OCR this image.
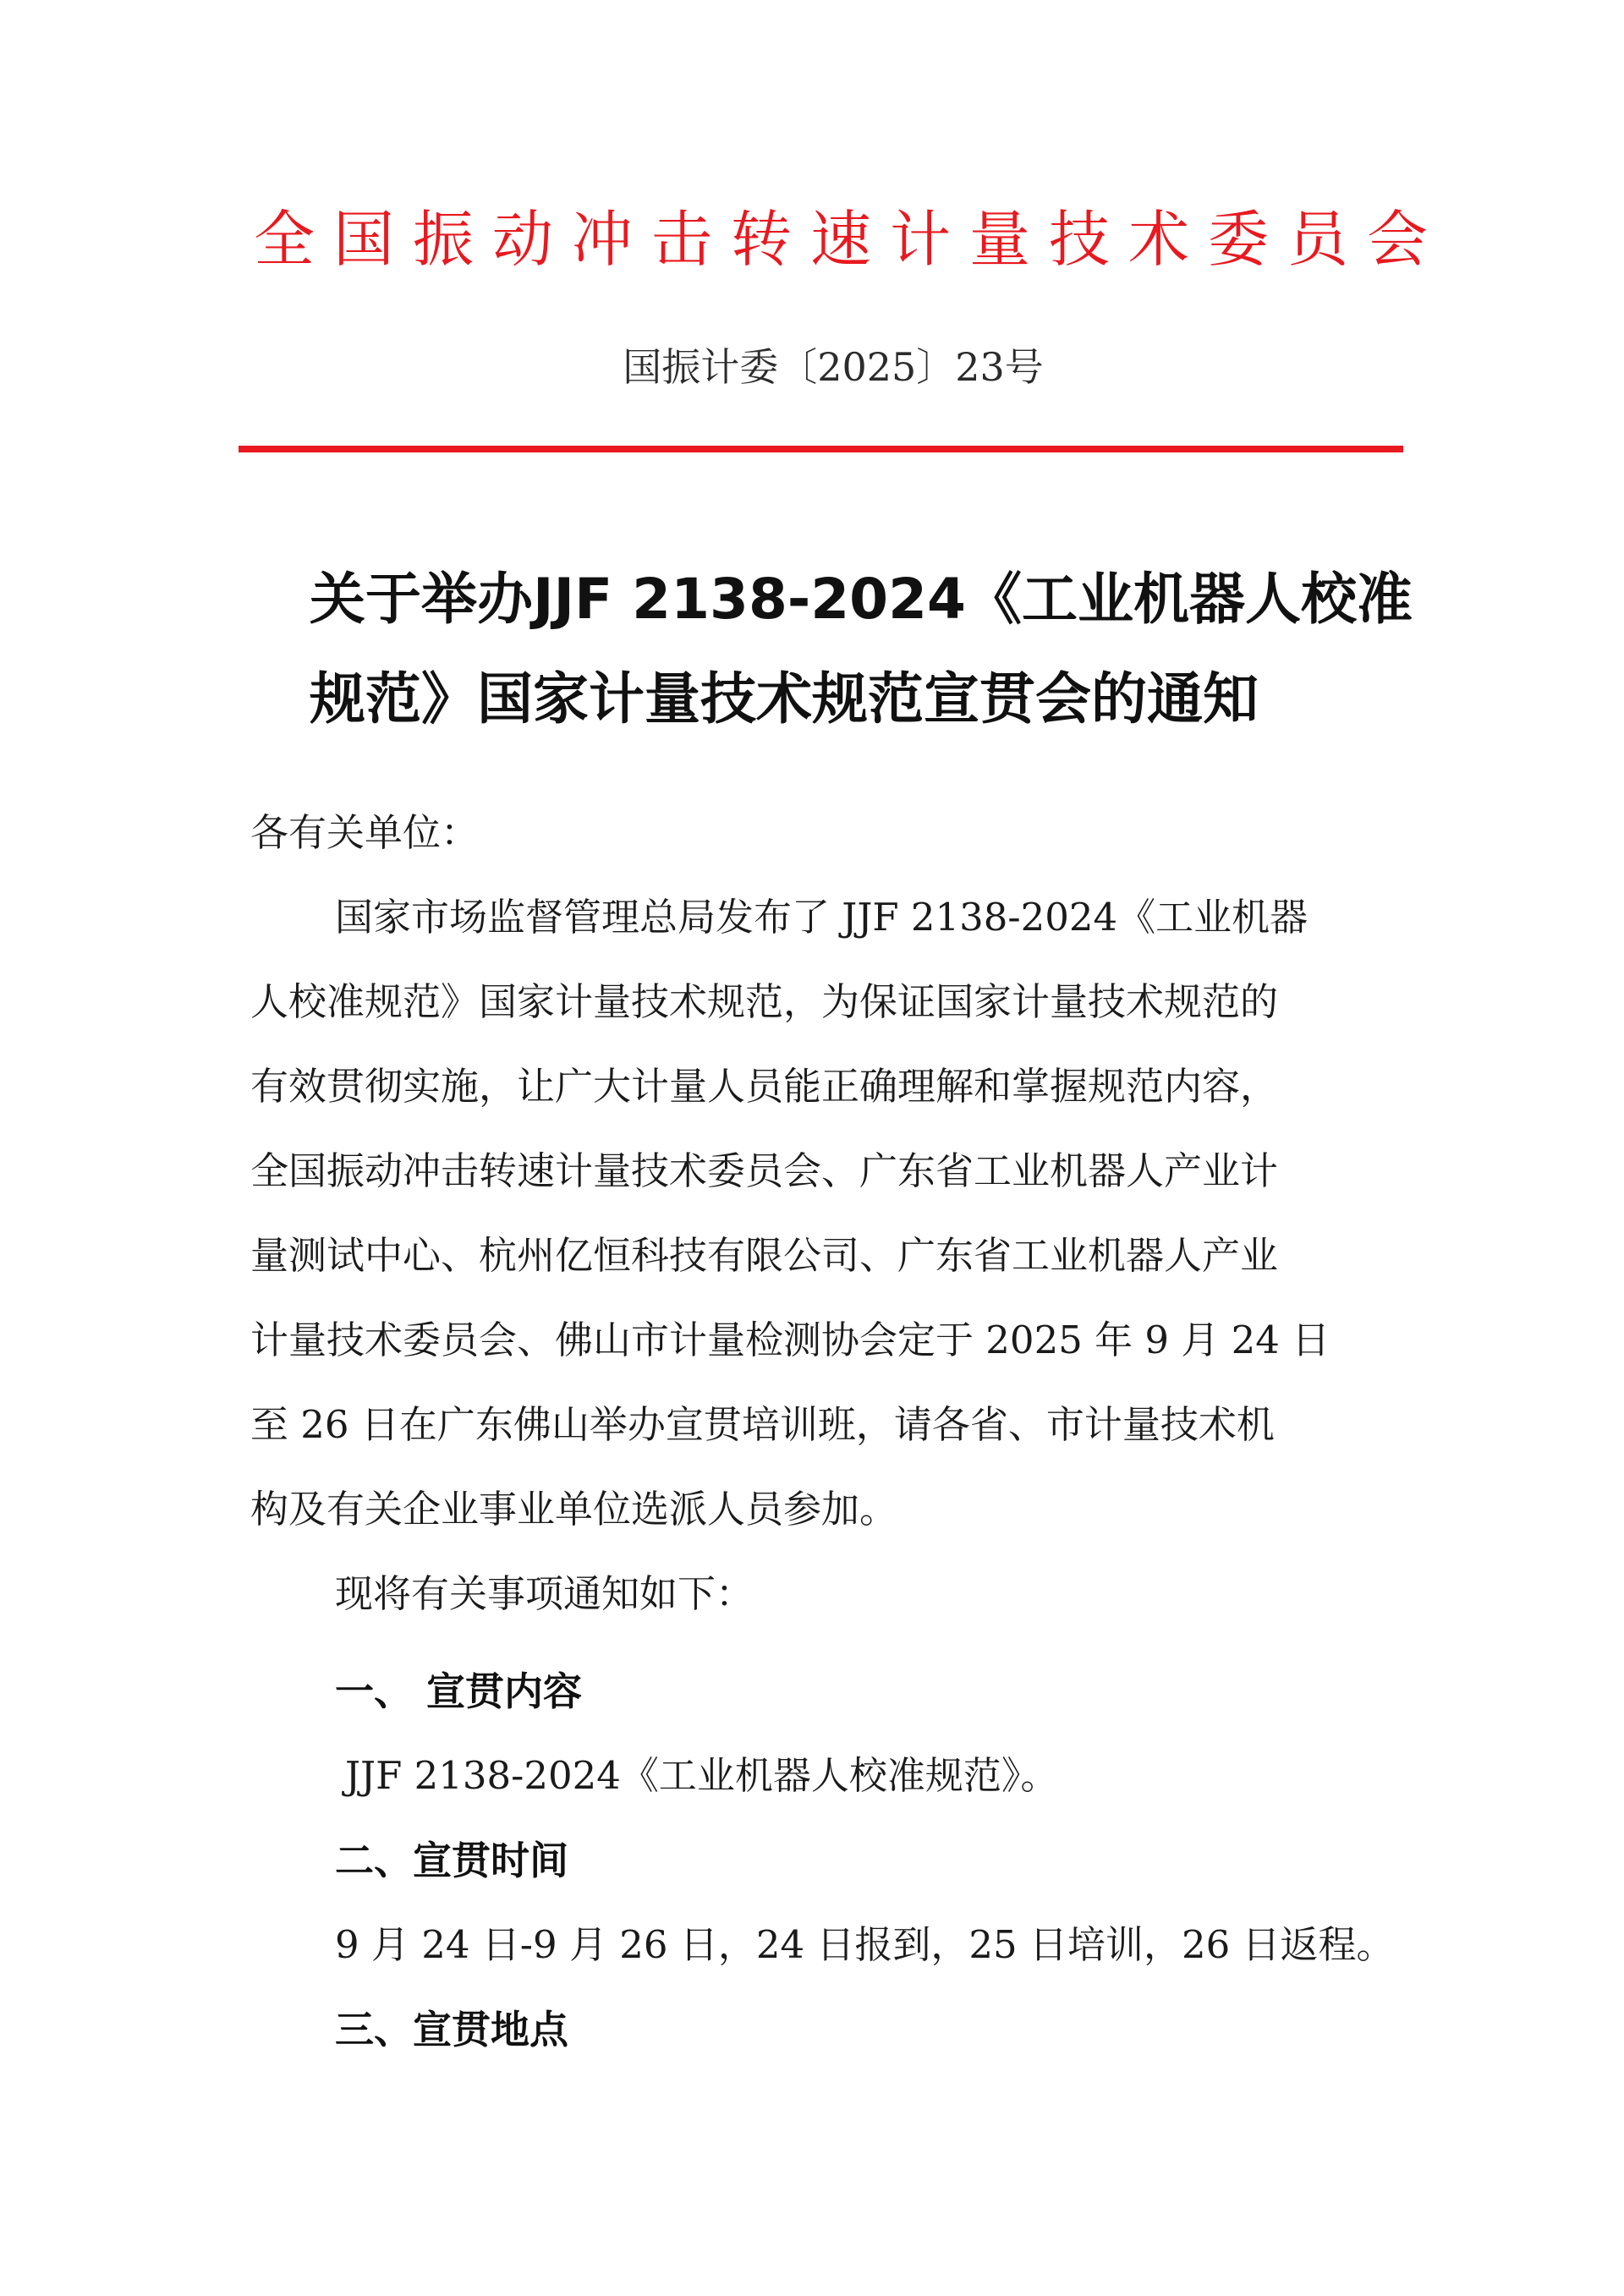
全国振动冲击转速计量技术委员会
国振计委〔2025〕23号
关于举办JJF 2138-2024《工业机器人校准
规范》国家计量技术规范宣贯会的通知
各有关单位：
国家市场监督管理总局发布了 JJF 2138-2024《工业机器
人校准规范》国家计量技术规范，为保证国家计量技术规范的
有效贯彻实施，让广大计量人员能正确理解和掌握规范内容，
全国振动冲击转速计量技术委员会、广东省工业机器人产业计
量测试中心、杭州亿恒科技有限公司、广东省工业机器人产业
计量技术委员会、佛山市计量检测协会定于 2025 年 9 月 24 日
至 26 日在广东佛山举办宣贯培训班，请各省、市计量技术机
构及有关企业事业单位选派人员参加。
现将有关事项通知如下：
一、 宣贯内容
JJF 2138-2024《工业机器人校准规范》。
二、宣贯时间
9 月 24 日-9 月 26 日，24 日报到，25 日培训，26 日返程。
三、宣贯地点
